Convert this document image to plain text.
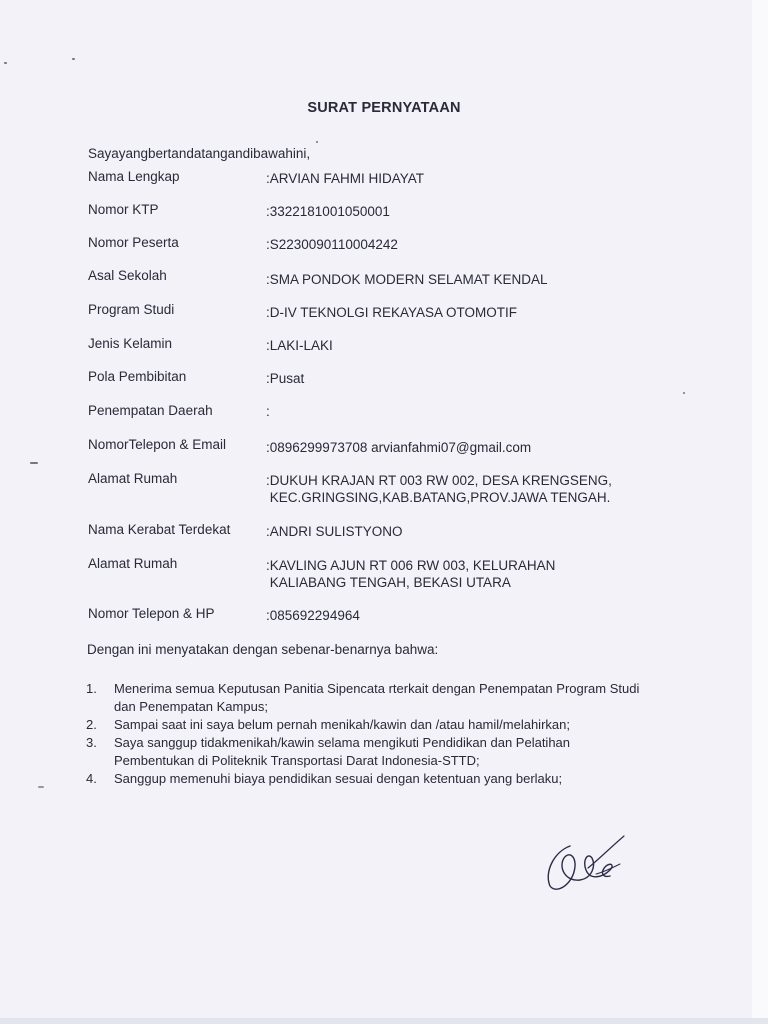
SURAT PERNYATAAN
Sayayangbertandatangandibawahini,
Nama Lengkap	:ARVIAN FAHMI HIDAYAT
Nomor KTP	:3322181001050001
Nomor Peserta	:S2230090110004242
Asal Sekolah	:SMA PONDOK MODERN SELAMAT KENDAL
Program Studi	:D-IV TEKNOLGI REKAYASA OTOMOTIF
Jenis Kelamin	:LAKI-LAKI
Pola Pembibitan	:Pusat
Penempatan Daerah	:
NomorTelepon & Email	:0896299973708 arvianfahmi07@gmail.com
Alamat Rumah	:DUKUH KRAJAN RT 003 RW 002, DESA KRENGSENG,
KEC.GRINGSING,KAB.BATANG,PROV.JAWA TENGAH.
Nama Kerabat Terdekat	:ANDRI SULISTYONO
Alamat Rumah	:KAVLING AJUN RT 006 RW 003, KELURAHAN
KALIABANG TENGAH, BEKASI UTARA
Nomor Telepon & HP	:085692294964
Dengan ini menyatakan dengan sebenar-benarnya bahwa:
1. Menerima semua Keputusan Panitia Sipencata rterkait dengan Penempatan Program Studi dan Penempatan Kampus;
2. Sampai saat ini saya belum pernah menikah/kawin dan /atau hamil/melahirkan;
3. Saya sanggup tidakmenikah/kawin selama mengikuti Pendidikan dan Pelatihan Pembentukan di Politeknik Transportasi Darat Indonesia-STTD;
4. Sanggup memenuhi biaya pendidikan sesuai dengan ketentuan yang berlaku;
